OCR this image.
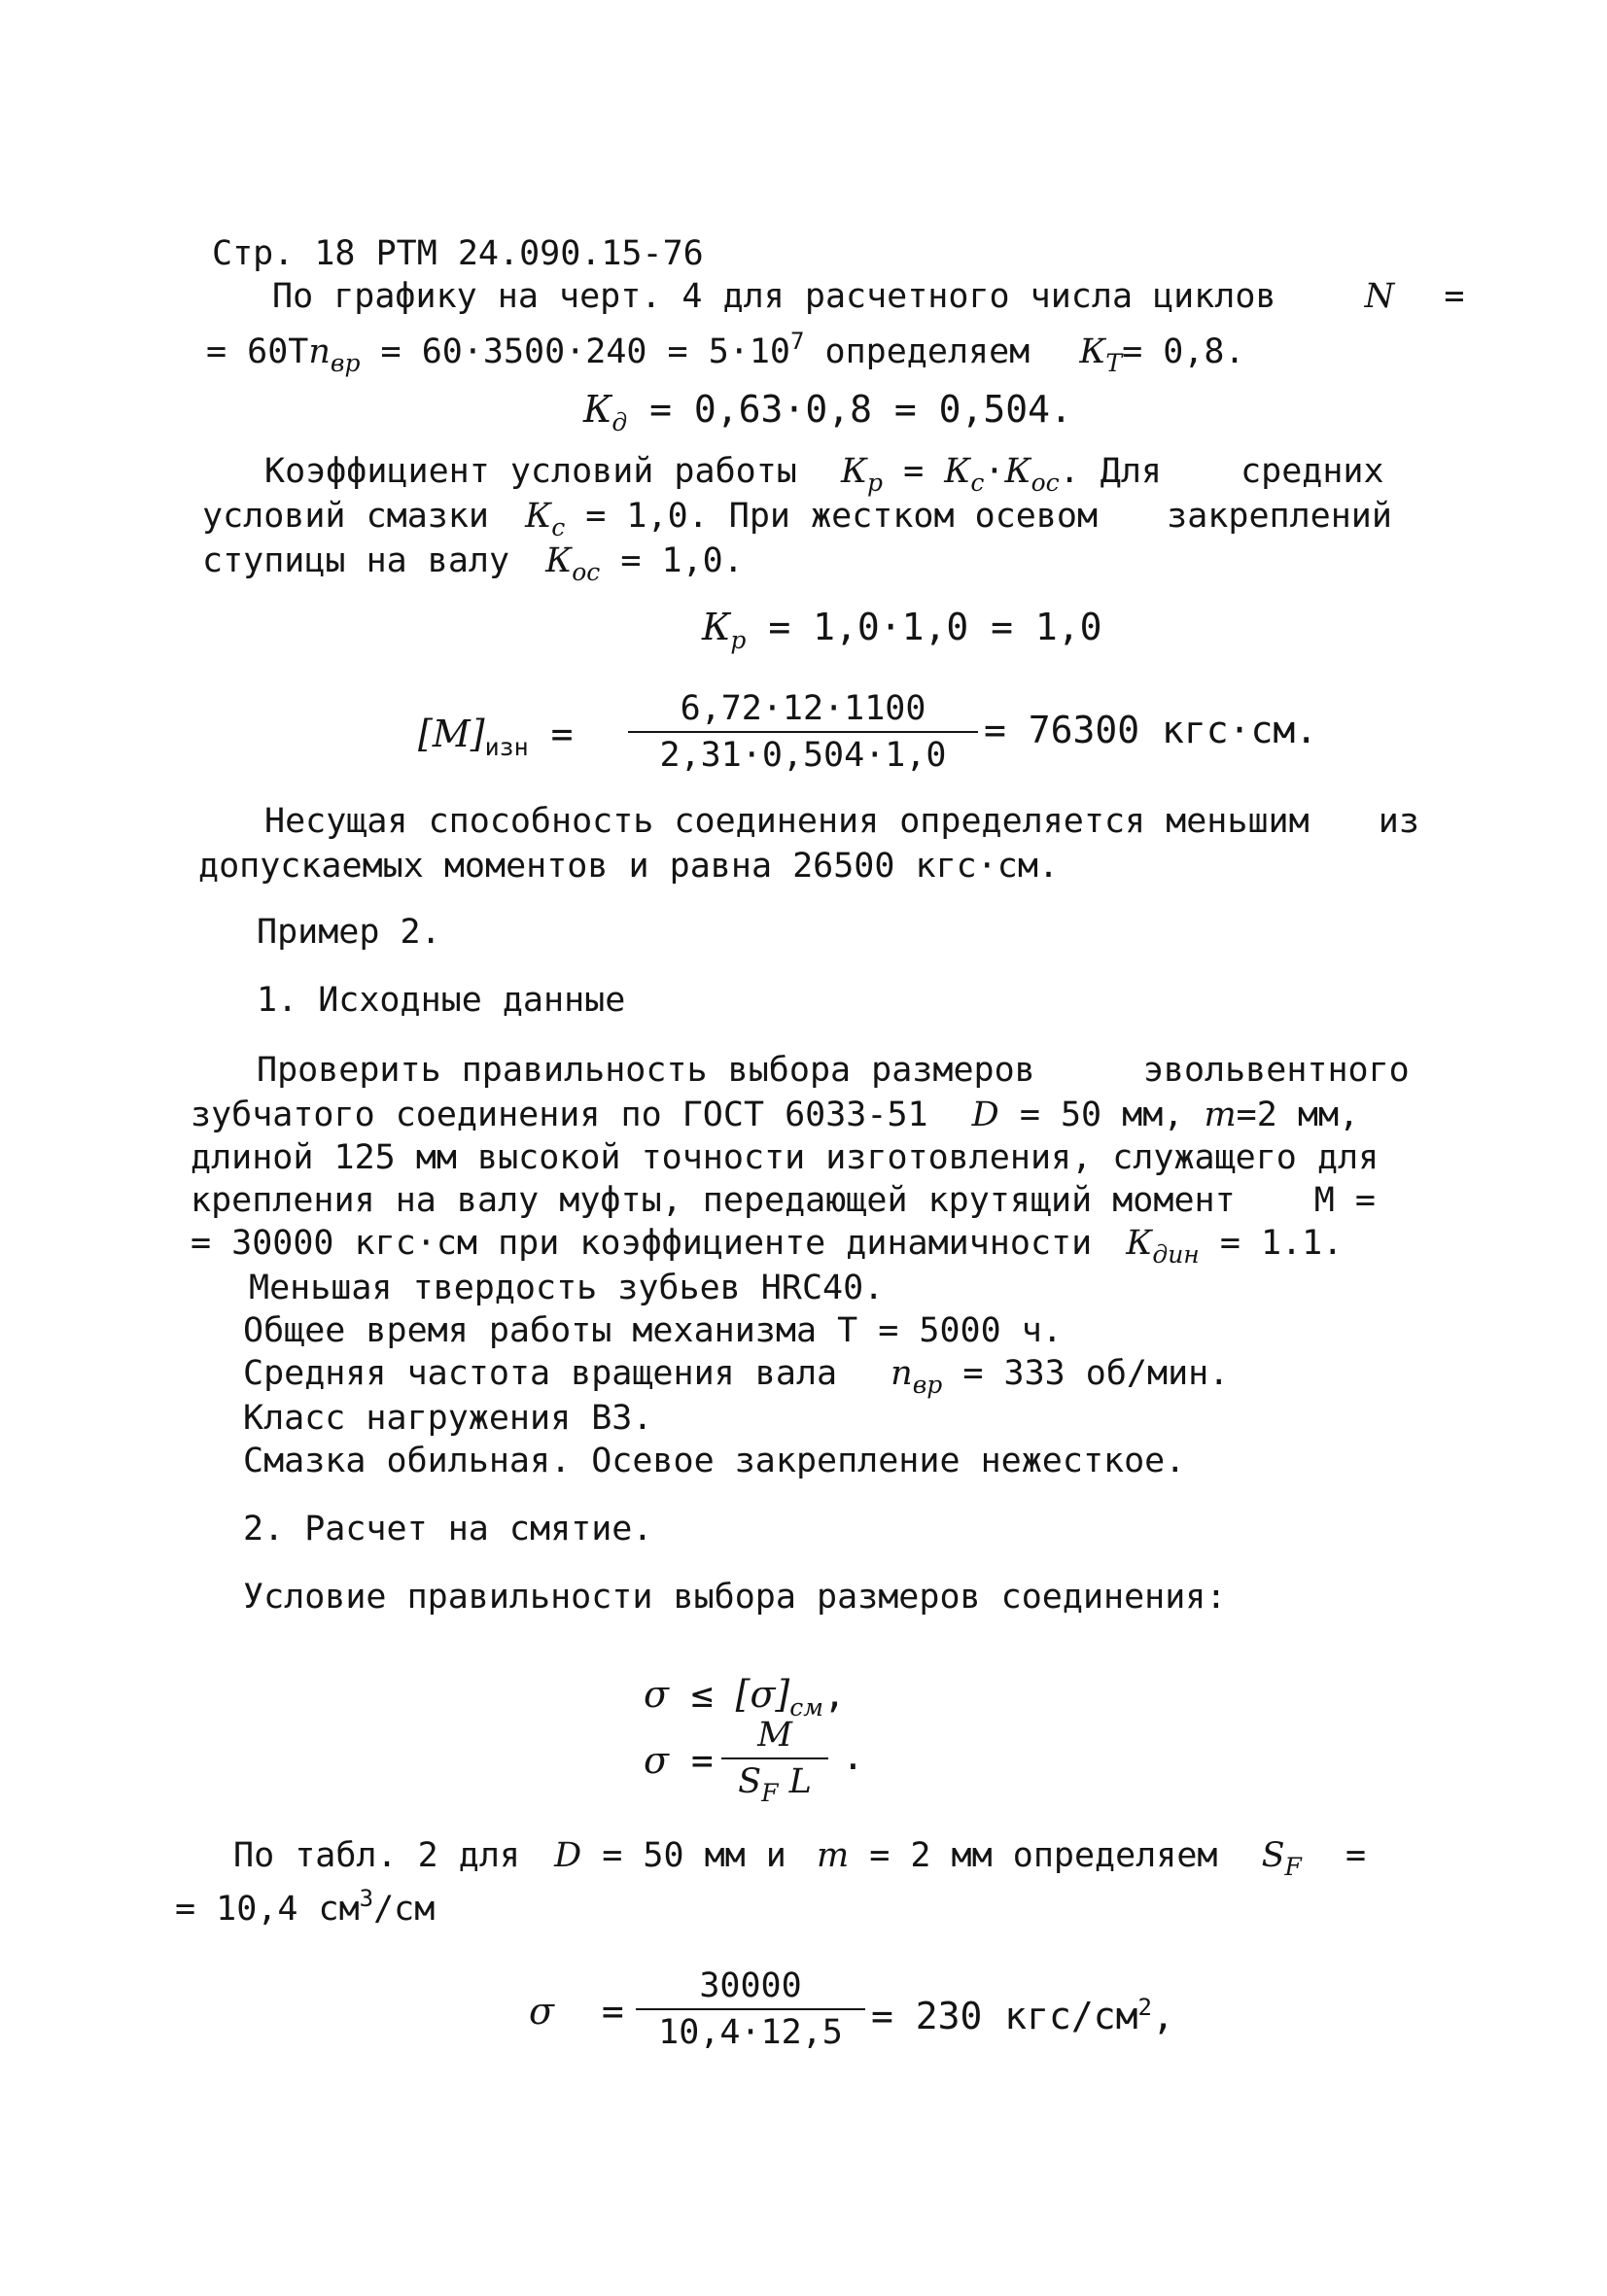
Стр. 18 РТМ 24.090.15-76
По графику на черт. 4 для расчетного числа циклов	N =
= $60Тn_{вр} = 60\cdot 3500\cdot 240 = 5\cdot 10^7$ определяем $К_Т= 0,8$.
$К_д = 0,63\cdot 0,8 = 0,504$.
Коэффициент условий работы $К_р = К_с\cdot К_{ос}$. Для средних
условий смазки $К_с = 1,0$. При жестком осевом закреплений
ступицы на валу $К_{ос} = 1,0$.
$К_р = 1,0\cdot 1,0 = 1,0$
$[М]_{изн} = \frac{6,72\cdot 12\cdot 1100}{2,31\cdot 0,504\cdot 1,0} = 76300$ кгс·см.
Несущая способность соединения определяется меньшим из
допускаемых моментов и равна 26500 кгс·см.
Пример 2.
1. Исходные данные
Проверить правильность выбора размеров	эвольвентного
зубчатого соединения по ГОСТ 6033-51 D = 50 мм, m=2 мм,
длиной 125 мм высокой точности изготовления, служащего для
крепления на валу муфты, передающей крутящий момент М =
= 30000 кгс·см при коэффициенте динамичности $К_{дин} = 1.1$.
Меньшая твердость зубьев HRC40.
Общее время работы механизма Т = 5000 ч.
Средняя частота вращения вала $n_{вр} = 333$ об/мин.
Класс нагружения В3.
Смазка обильная. Осевое закрепление нежесткое.
2. Расчет на смятие.
Условие правильности выбора размеров соединения:
$\sigma \le [\sigma]_{см}$,
σ =
М
$S_F$ L
.
По табл. 2 для D = 50 мм и m = 2 мм определяем $S_F$ =
= 10,4 $см^3/см$
$\sigma = \frac{30000}{10,4\cdot 12,5} = 230$ кгс/$см^2$,
